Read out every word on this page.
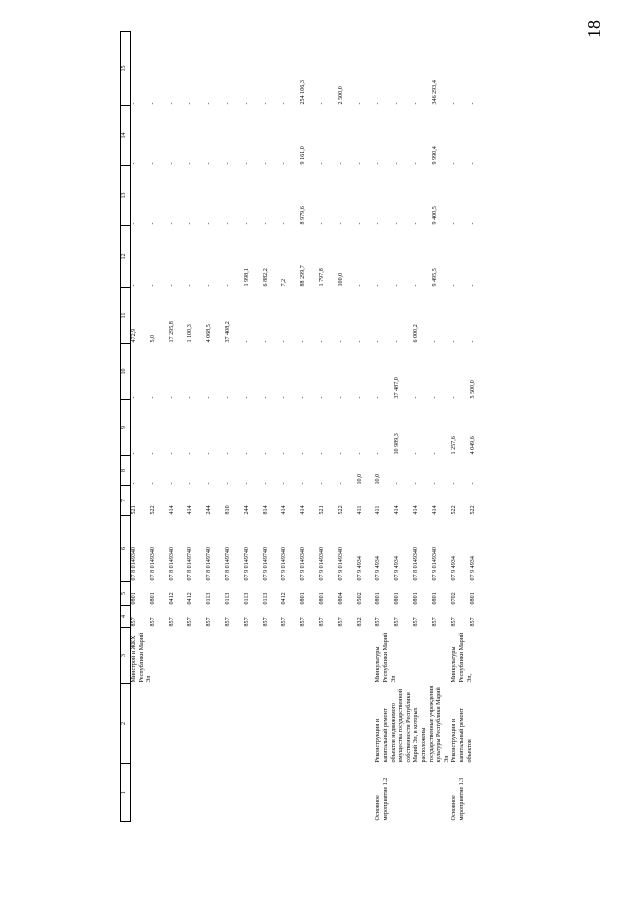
18
1	2	3	4	5	6	7	8	9	10	11	12	13	14	15
		Минстрой и ЖКХ Республики Марий Эл	857	0801	07 8 0149340	521	-	-	-	472,9	-	-	-	-
			857	0801	07 8 0149340	522	-	-	-	5,0	-	-	-	-
			857	0412	07 8 0149340	414	-	-	-	17 295,8	-	-	-	-
			857	0412	07 8 0149740	414	-	-	-	1 100,3	-	-	-	-
			857	0113	07 8 0149740	244	-	-	-	4 068,5	-	-	-	-
			857	0113	07 8 0149740	810	-	-	-	37 408,2	-	-	-	-
			857	0113	07 9 0149740	244	-	-	-	-	1 998,1	-	-	-
			857	0113	07 9 0149740	814	-	-	-	-	6 882,2	-	-	-
			857	0412	07 9 0149340	414	-	-	-	-	7,2	-	-	-
			857	0801	07 9 0149340	414	-	-	-	-	88 299,7	8 979,6	9 161,0	254 106,3
			857	0801	07 9 0149340	521	-	-	-	-	1 797,8	-	-	-
			857	0804	07 9 0149340	522	-	-	-	-	100,0	-	-	2 500,0
			832	0502	07 9 4934	411	10,0	-	-	-	-	-	-	-
Основное мероприятие 1.2	Реконструкция и капитальный ремонт объектов недвижимого имущества государственной собственности Республики Марий Эл, в которых расположены государственные учреждения культуры Республики Марий Эл	Минкультуры Республики Марий Эл	857	0801	07 9 4934	411	10,0	-	-	-	-	-	-	-
			857	0801	07 9 4934	414	-	10 989,3	37 487,0	-	-	-	-	-
			857	0801	07 8 0149340	414	-	-	-	6 000,2	-	-	-	-
			857	0801	07 9 0149340	414	-	-	-	-	9 495,5	9 400,5	9 990,4	346 293,4
Основное мероприятие 1.3	Реконструкция и капитальный ремонт объектов	Минкультуры Республики Марий Эл,	857	0702	07 9 4934	522	-	1 257,6	-	-	-	-	-	-
			857	0801	07 9 4934	522	-	4 049,6	5 500,0	-	-	-	-	-
